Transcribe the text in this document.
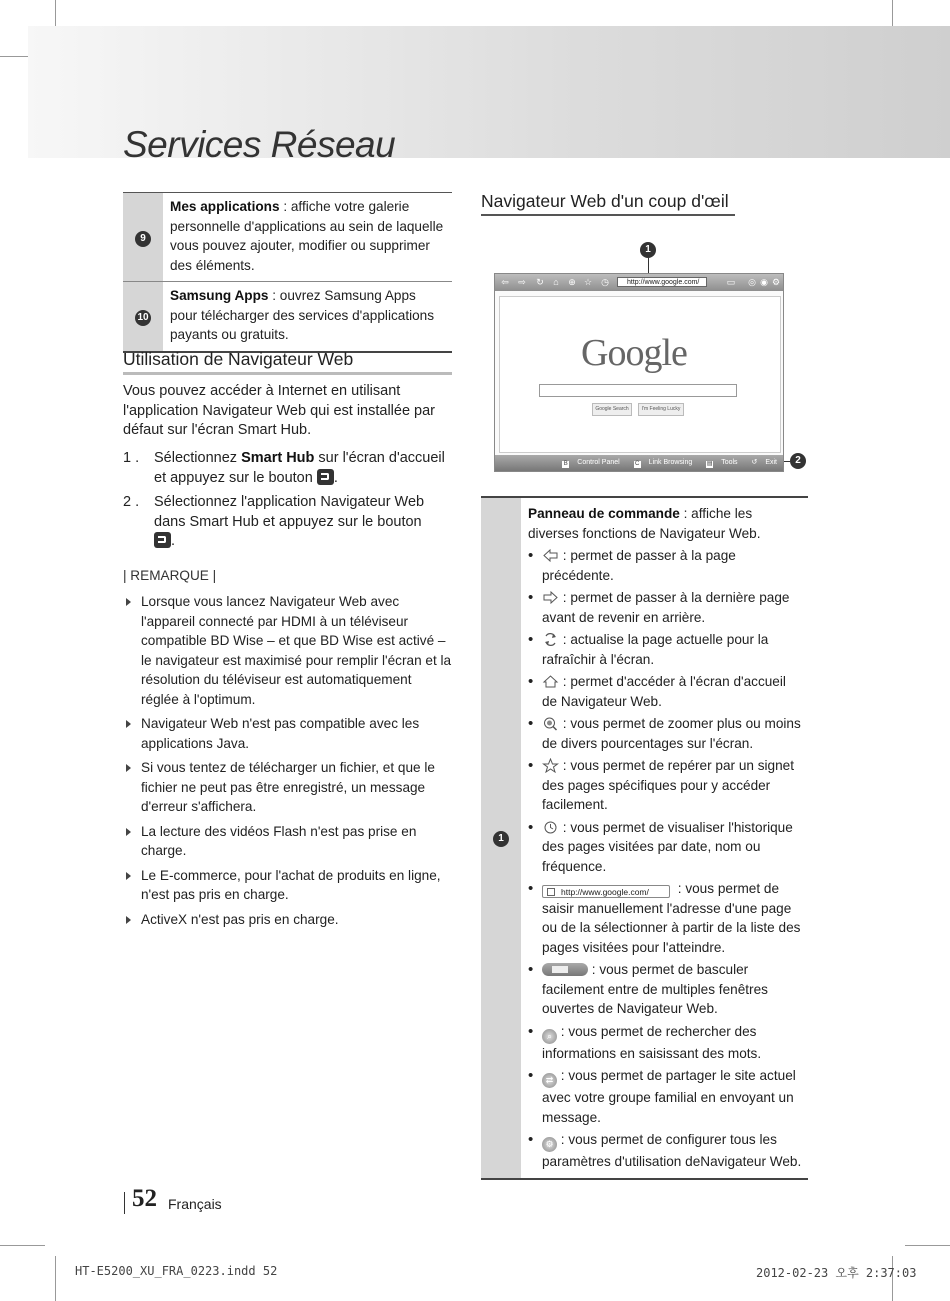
Services Réseau
9	Mes applications : affiche votre galerie personnelle d'applications au sein de laquelle vous pouvez ajouter, modifier ou supprimer des éléments.
10	Samsung Apps : ouvrez Samsung Apps pour télécharger des services d'applications payants ou gratuits.
Utilisation de Navigateur Web
Vous pouvez accéder à Internet en utilisant l'application Navigateur Web qui est installée par défaut sur l'écran Smart Hub.
1 .	Sélectionnez Smart Hub sur l'écran d'accueil et appuyez sur le bouton .
2 .	Sélectionnez l'application Navigateur Web dans Smart Hub et appuyez sur le bouton
.
| REMARQUE |
Lorsque vous lancez Navigateur Web avec l'appareil connecté par HDMI à un téléviseur compatible BD Wise – et que BD Wise est activé – le navigateur est maximisé pour remplir l'écran et la résolution du téléviseur est automatiquement réglée à l'optimum.
Navigateur Web n'est pas compatible avec les applications Java.
Si vous tentez de télécharger un fichier, et que le fichier ne peut pas être enregistré, un message d'erreur s'affichera.
La lecture des vidéos Flash n'est pas prise en charge.
Le E-commerce, pour l'achat de produits en ligne, n'est pas pris en charge.
ActiveX n'est pas pris en charge.
Navigateur Web d'un coup d'œil
1
2
⇦ ⇨ ↻ ⌂ ⊕ ☆ ◷	http://www.google.com/	▭	◎ ◉ ⚙
Google
Google Search	I'm Feeling Lucky
B Control Panel	C Link Browsing ▤ Tools ↺ Exit
1	Panneau de commande : affiche les diverses fonctions de Navigateur Web.
• : permet de passer à la page précédente.
• : permet de passer à la dernière page avant de revenir en arrière.
• : actualise la page actuelle pour la rafraîchir à l'écran.
• : permet d'accéder à l'écran d'accueil de Navigateur Web.
• : vous permet de zoomer plus ou moins de divers pourcentages sur l'écran.
• : vous permet de repérer par un signet des pages spécifiques pour y accéder facilement.
• : vous permet de visualiser l'historique des pages visitées par date, nom ou fréquence.
• http://www.google.com/ : vous permet de saisir manuellement l'adresse d'une page ou de la sélectionner à partir de la liste des pages visitées pour l'atteindre.
• : vous permet de basculer facilement entre de multiples fenêtres ouvertes de Navigateur Web.
• ⌕ : vous permet de rechercher des informations en saisissant des mots.
• ⇄ : vous permet de partager le site actuel avec votre groupe familial en envoyant un message.
• ⚙ : vous permet de configurer tous les paramètres d'utilisation deNavigateur Web.
52 Français
HT-E5200_XU_FRA_0223.indd 52	2012-02-23 오후 2:37:03
